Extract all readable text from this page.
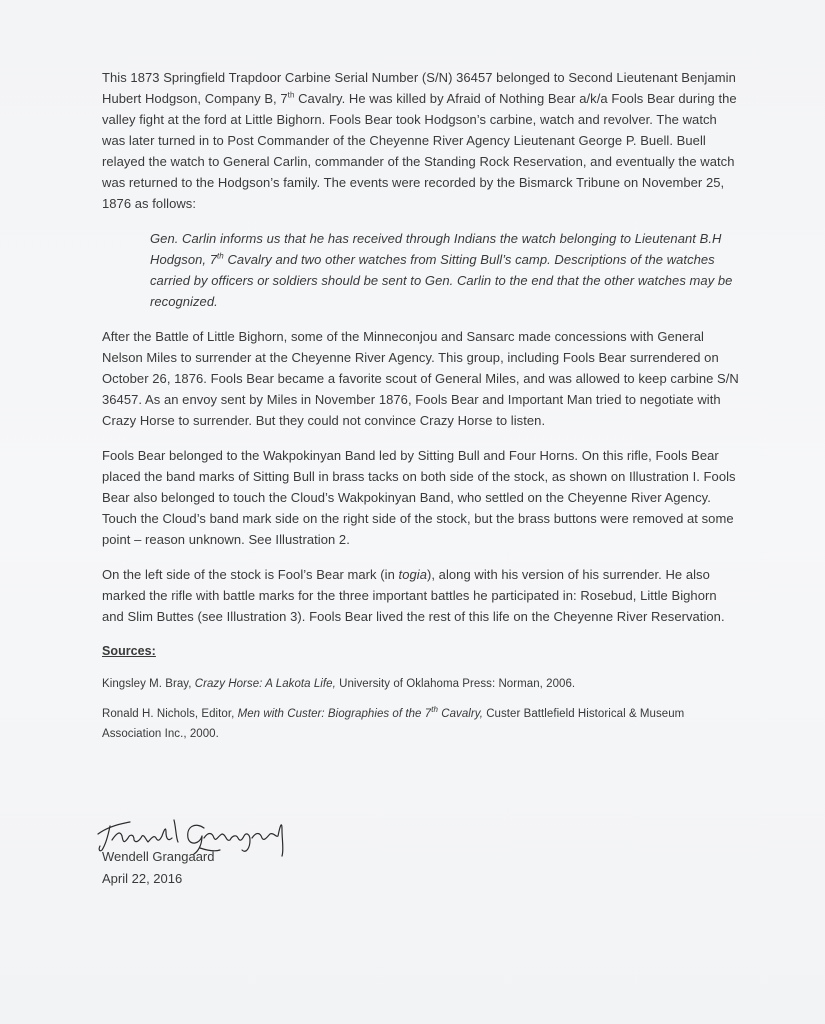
This 1873 Springfield Trapdoor Carbine Serial Number (S/N) 36457 belonged to Second Lieutenant Benjamin Hubert Hodgson, Company B, 7th Cavalry. He was killed by Afraid of Nothing Bear a/k/a Fools Bear during the valley fight at the ford at Little Bighorn. Fools Bear took Hodgson’s carbine, watch and revolver. The watch was later turned in to Post Commander of the Cheyenne River Agency Lieutenant George P. Buell. Buell relayed the watch to General Carlin, commander of the Standing Rock Reservation, and eventually the watch was returned to the Hodgson’s family. The events were recorded by the Bismarck Tribune on November 25, 1876 as follows:

Gen. Carlin informs us that he has received through Indians the watch belonging to Lieutenant B.H Hodgson, 7th Cavalry and two other watches from Sitting Bull’s camp. Descriptions of the watches carried by officers or soldiers should be sent to Gen. Carlin to the end that the other watches may be recognized.

After the Battle of Little Bighorn, some of the Minneconjou and Sansarc made concessions with General Nelson Miles to surrender at the Cheyenne River Agency. This group, including Fools Bear surrendered on October 26, 1876. Fools Bear became a favorite scout of General Miles, and was allowed to keep carbine S/N 36457. As an envoy sent by Miles in November 1876, Fools Bear and Important Man tried to negotiate with Crazy Horse to surrender. But they could not convince Crazy Horse to listen.

Fools Bear belonged to the Wakpokinyan Band led by Sitting Bull and Four Horns. On this rifle, Fools Bear placed the band marks of Sitting Bull in brass tacks on both side of the stock, as shown on Illustration I. Fools Bear also belonged to touch the Cloud’s Wakpokinyan Band, who settled on the Cheyenne River Agency. Touch the Cloud’s band mark side on the right side of the stock, but the brass buttons were removed at some point – reason unknown. See Illustration 2.

On the left side of the stock is Fool’s Bear mark (in togia), along with his version of his surrender. He also marked the rifle with battle marks for the three important battles he participated in: Rosebud, Little Bighorn and Slim Buttes (see Illustration 3). Fools Bear lived the rest of this life on the Cheyenne River Reservation.

Sources:

Kingsley M. Bray, Crazy Horse: A Lakota Life, University of Oklahoma Press: Norman, 2006.

Ronald H. Nichols, Editor, Men with Custer: Biographies of the 7th Cavalry, Custer Battlefield Historical & Museum Association Inc., 2000.

Wendell Grangaard
April 22, 2016
